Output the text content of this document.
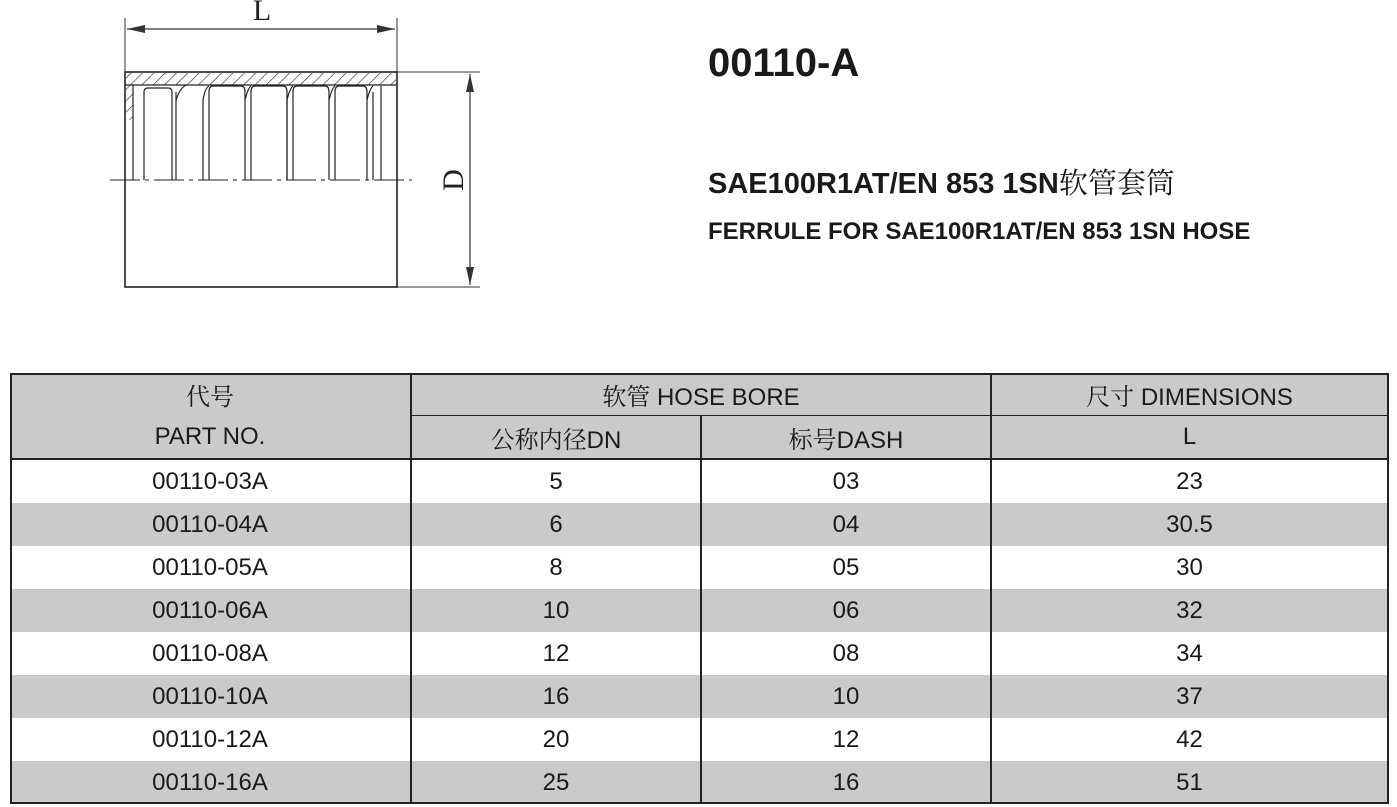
L
D
00110-A
SAE100R1AT/EN 853 1SN软管套筒
FERRULE FOR SAE100R1AT/EN 853 1SN HOSE
代号	软管 HOSE BORE		尺寸 DIMENSIONS
PART NO.	公称内径DN	标号DASH	L
00110-03A	5	03	23
00110-04A	6	04	30.5
00110-05A	8	05	30
00110-06A	10	06	32
00110-08A	12	08	34
00110-10A	16	10	37
00110-12A	20	12	42
00110-16A	25	16	51
